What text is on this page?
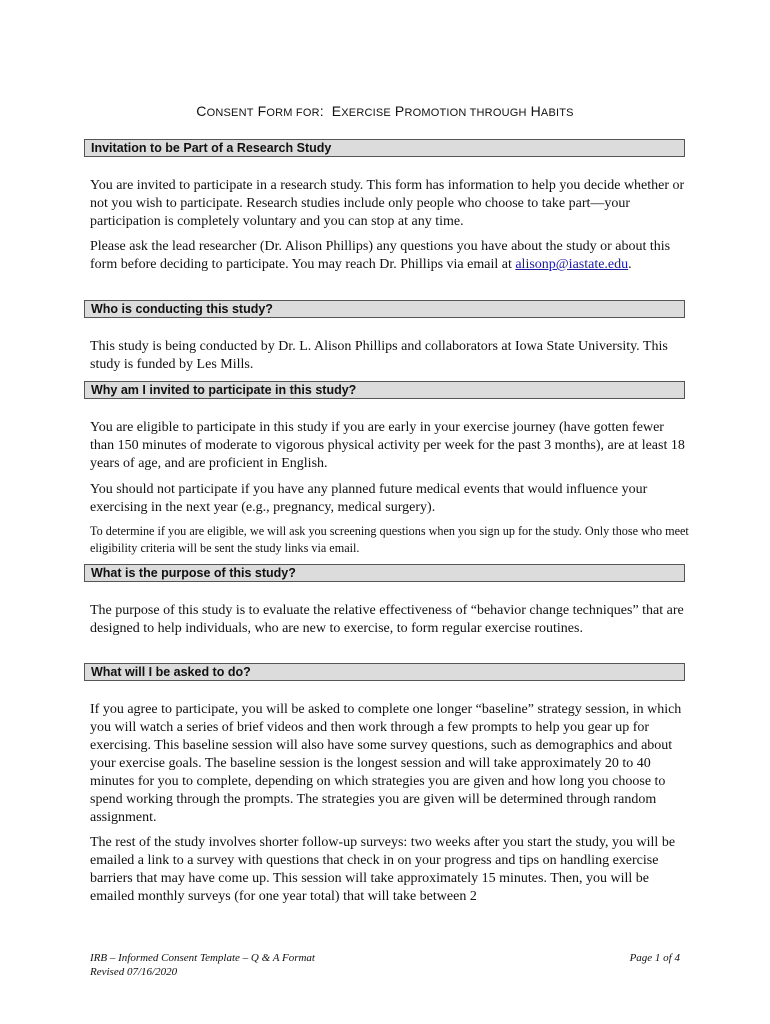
CONSENT FORM FOR: EXERCISE PROMOTION THROUGH HABITS
Invitation to be Part of a Research Study
You are invited to participate in a research study. This form has information to help you decide whether or not you wish to participate. Research studies include only people who choose to take part—your participation is completely voluntary and you can stop at any time.
Please ask the lead researcher (Dr. Alison Phillips) any questions you have about the study or about this form before deciding to participate. You may reach Dr. Phillips via email at alisonp@iastate.edu.
Who is conducting this study?
This study is being conducted by Dr. L. Alison Phillips and collaborators at Iowa State University. This study is funded by Les Mills.
Why am I invited to participate in this study?
You are eligible to participate in this study if you are early in your exercise journey (have gotten fewer than 150 minutes of moderate to vigorous physical activity per week for the past 3 months), are at least 18 years of age, and are proficient in English.
You should not participate if you have any planned future medical events that would influence your exercising in the next year (e.g., pregnancy, medical surgery).
To determine if you are eligible, we will ask you screening questions when you sign up for the study. Only those who meet eligibility criteria will be sent the study links via email.
What is the purpose of this study?
The purpose of this study is to evaluate the relative effectiveness of “behavior change techniques” that are designed to help individuals, who are new to exercise, to form regular exercise routines.
What will I be asked to do?
If you agree to participate, you will be asked to complete one longer “baseline” strategy session, in which you will watch a series of brief videos and then work through a few prompts to help you gear up for exercising. This baseline session will also have some survey questions, such as demographics and about your exercise goals. The baseline session is the longest session and will take approximately 20 to 40 minutes for you to complete, depending on which strategies you are given and how long you choose to spend working through the prompts. The strategies you are given will be determined through random assignment.
The rest of the study involves shorter follow-up surveys: two weeks after you start the study, you will be emailed a link to a survey with questions that check in on your progress and tips on handling exercise barriers that may have come up. This session will take approximately 15 minutes. Then, you will be emailed monthly surveys (for one year total) that will take between 2
IRB – Informed Consent Template – Q & A Format
Revised 07/16/2020
Page 1 of 4
